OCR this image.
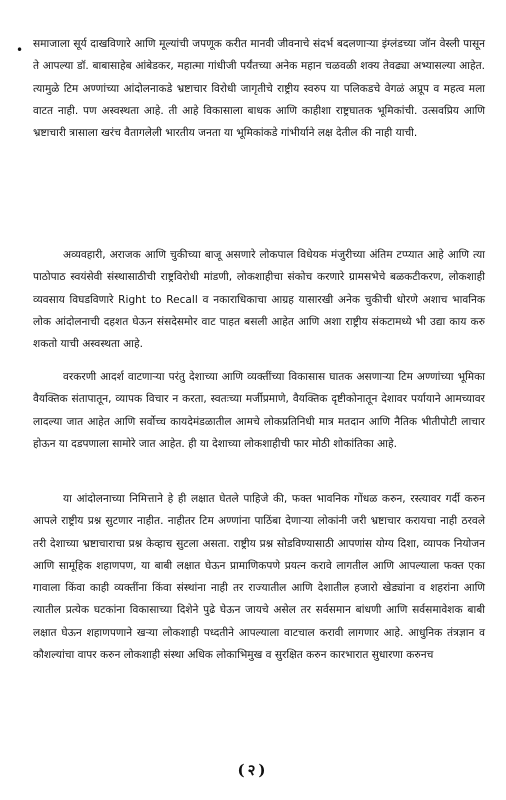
• समाजाला सूर्य दाखविणारे आणि मूल्यांची जपणूक करीत मानवी जीवनाचे संदर्भ बदलणाऱ्या इंग्लंडच्या जॉन वेस्ली पासून ते आपल्या डॉ. बाबासाहेब आंबेडकर, महात्मा गांधीजी पर्यंतच्या अनेक महान चळवळी शक्य तेवढ्या अभ्यासल्या आहेत. त्यामुळे टिम अण्णांच्या आंदोलनाकडे भ्रष्टाचार विरोधी जागृतीचे राष्ट्रीय स्वरुप या पलिकडचे वेगळं अप्रूप व महत्व मला वाटत नाही. पण अस्वस्थता आहे. ती आहे विकासाला बाधक आणि काहीशा राष्ट्रघातक भूमिकांची. उत्सवप्रिय आणि भ्रष्टाचारी त्रासाला खरंच वैतागलेली भारतीय जनता या भूमिकांकडे गांभीर्याने लक्ष देतील की नाही याची.

अव्यवहारी, अराजक आणि चुकीच्या बाजू असणारे लोकपाल विधेयक मंजुरीच्या अंतिम टप्प्यात आहे आणि त्या पाठोपाठ स्वयंसेवी संस्थासाठीची राष्ट्रविरोधी मांडणी, लोकशाहीचा संकोच करणारे ग्रामसभेचे बळकटीकरण, लोकशाही व्यवसाय विघडविणारे Right to Recall व नकाराधिकाचा आग्रह यासारखी अनेक चुकीची धोरणे अशाच भावनिक लोक आंदोलनाची दहशत घेऊन संसदेसमोर वाट पाहत बसली आहेत आणि अशा राष्ट्रीय संकटामध्ये भी उद्या काय करु शकतो याची अस्वस्थता आहे.

वरकरणी आदर्श वाटणाऱ्या परंतु देशाच्या आणि व्यक्तींच्या विकासास घातक असणाऱ्या टिम अण्णांच्या भूमिका वैयक्तिक संतापातून, व्यापक विचार न करता, स्वतःच्या मर्जीप्रमाणे, वैयक्तिक दृष्टीकोनातून देशावर पर्यायाने आमच्यावर लादल्या जात आहेत आणि सर्वोच्च कायदेमंडळातील आमचे लोकप्रतिनिधी मात्र मतदान आणि नैतिक भीतीपोटी लाचार होऊन या दडपणाला सामोरे जात आहेत. ही या देशाच्या लोकशाहीची फार मोठी शोकांतिका आहे.

या आंदोलनाच्या निमित्ताने हे ही लक्षात घेतले पाहिजे की, फक्त भावनिक गोंधळ करुन, रस्त्यावर गर्दी करुन आपले राष्ट्रीय प्रश्न सुटणार नाहीत. नाहीतर टिम अण्णांना पाठिंबा देणाऱ्या लोकांनी जरी भ्रष्टाचार करायचा नाही ठरवले तरी देशाच्या भ्रष्टाचाराचा प्रश्न केव्हाच सुटला असता. राष्ट्रीय प्रश्न सोडविण्यासाठी आपणांस योग्य दिशा, व्यापक नियोजन आणि सामूहिक शहाणपण, या बाबी लक्षात घेऊन प्रामाणिकपणे प्रयत्न करावे लागतील आणि आपल्याला फक्त एका गावाला किंवा काही व्यक्तींना किंवा संस्थांना नाही तर राज्यातील आणि देशातील हजारो खेड्यांना व शहरांना आणि त्यातील प्रत्येक घटकांना विकासाच्या दिशेने पुढे घेऊन जायचे असेल तर सर्वसमान बांधणी आणि सर्वसमावेशक बाबी लक्षात घेऊन शहाणपणाने खऱ्या लोकशाही पध्दतीने आपल्याला वाटचाल करावी लागणार आहे. आधुनिक तंत्रज्ञान व कौशल्यांचा वापर करुन लोकशाही संस्था अधिक लोकाभिमुख व सुरक्षित करुन कारभारात सुधारणा करुनच

(२)
